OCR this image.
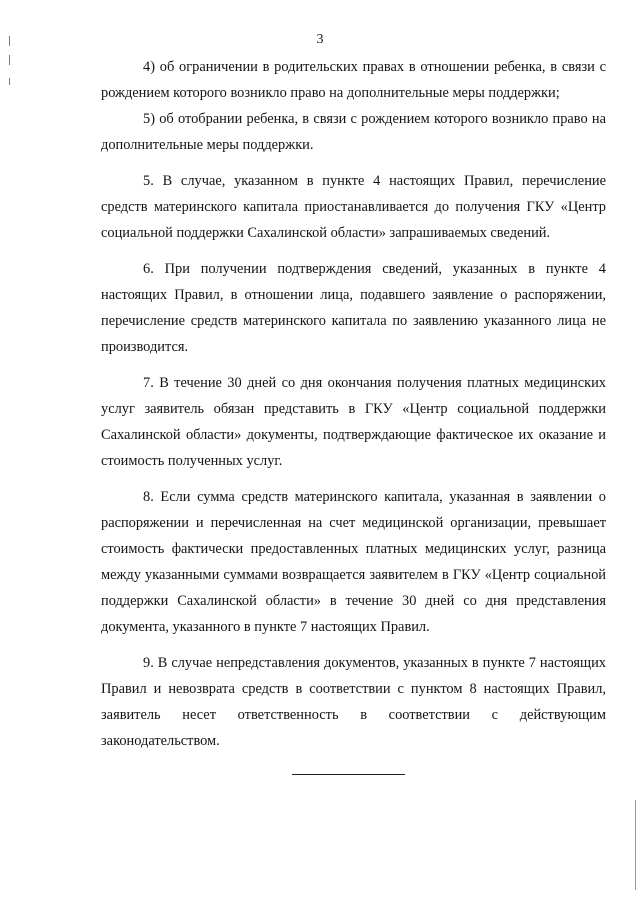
3

4) об ограничении в родительских правах в отношении ребенка, в связи с рождением которого возникло право на дополнительные меры поддержки;

5) об отобрании ребенка, в связи с рождением которого возникло право на дополнительные меры поддержки.

5. В случае, указанном в пункте 4 настоящих Правил, перечисление средств материнского капитала приостанавливается до получения ГКУ «Центр социальной поддержки Сахалинской области» запрашиваемых сведений.

6. При получении подтверждения сведений, указанных в пункте 4 настоящих Правил, в отношении лица, подавшего заявление о распоряжении, перечисление средств материнского капитала по заявлению указанного лица не производится.

7. В течение 30 дней со дня окончания получения платных медицинских услуг заявитель обязан представить в ГКУ «Центр социальной поддержки Сахалинской области» документы, подтверждающие фактическое их оказание и стоимость полученных услуг.

8. Если сумма средств материнского капитала, указанная в заявлении о распоряжении и перечисленная на счет медицинской организации, превышает стоимость фактически предоставленных платных медицинских услуг, разница между указанными суммами возвращается заявителем в ГКУ «Центр социальной поддержки Сахалинской области» в течение 30 дней со дня представления документа, указанного в пункте 7 настоящих Правил.

9. В случае непредставления документов, указанных в пункте 7 настоящих Правил и невозврата средств в соответствии с пунктом 8 настоящих Правил, заявитель несет ответственность в соответствии с действующим законодательством.
